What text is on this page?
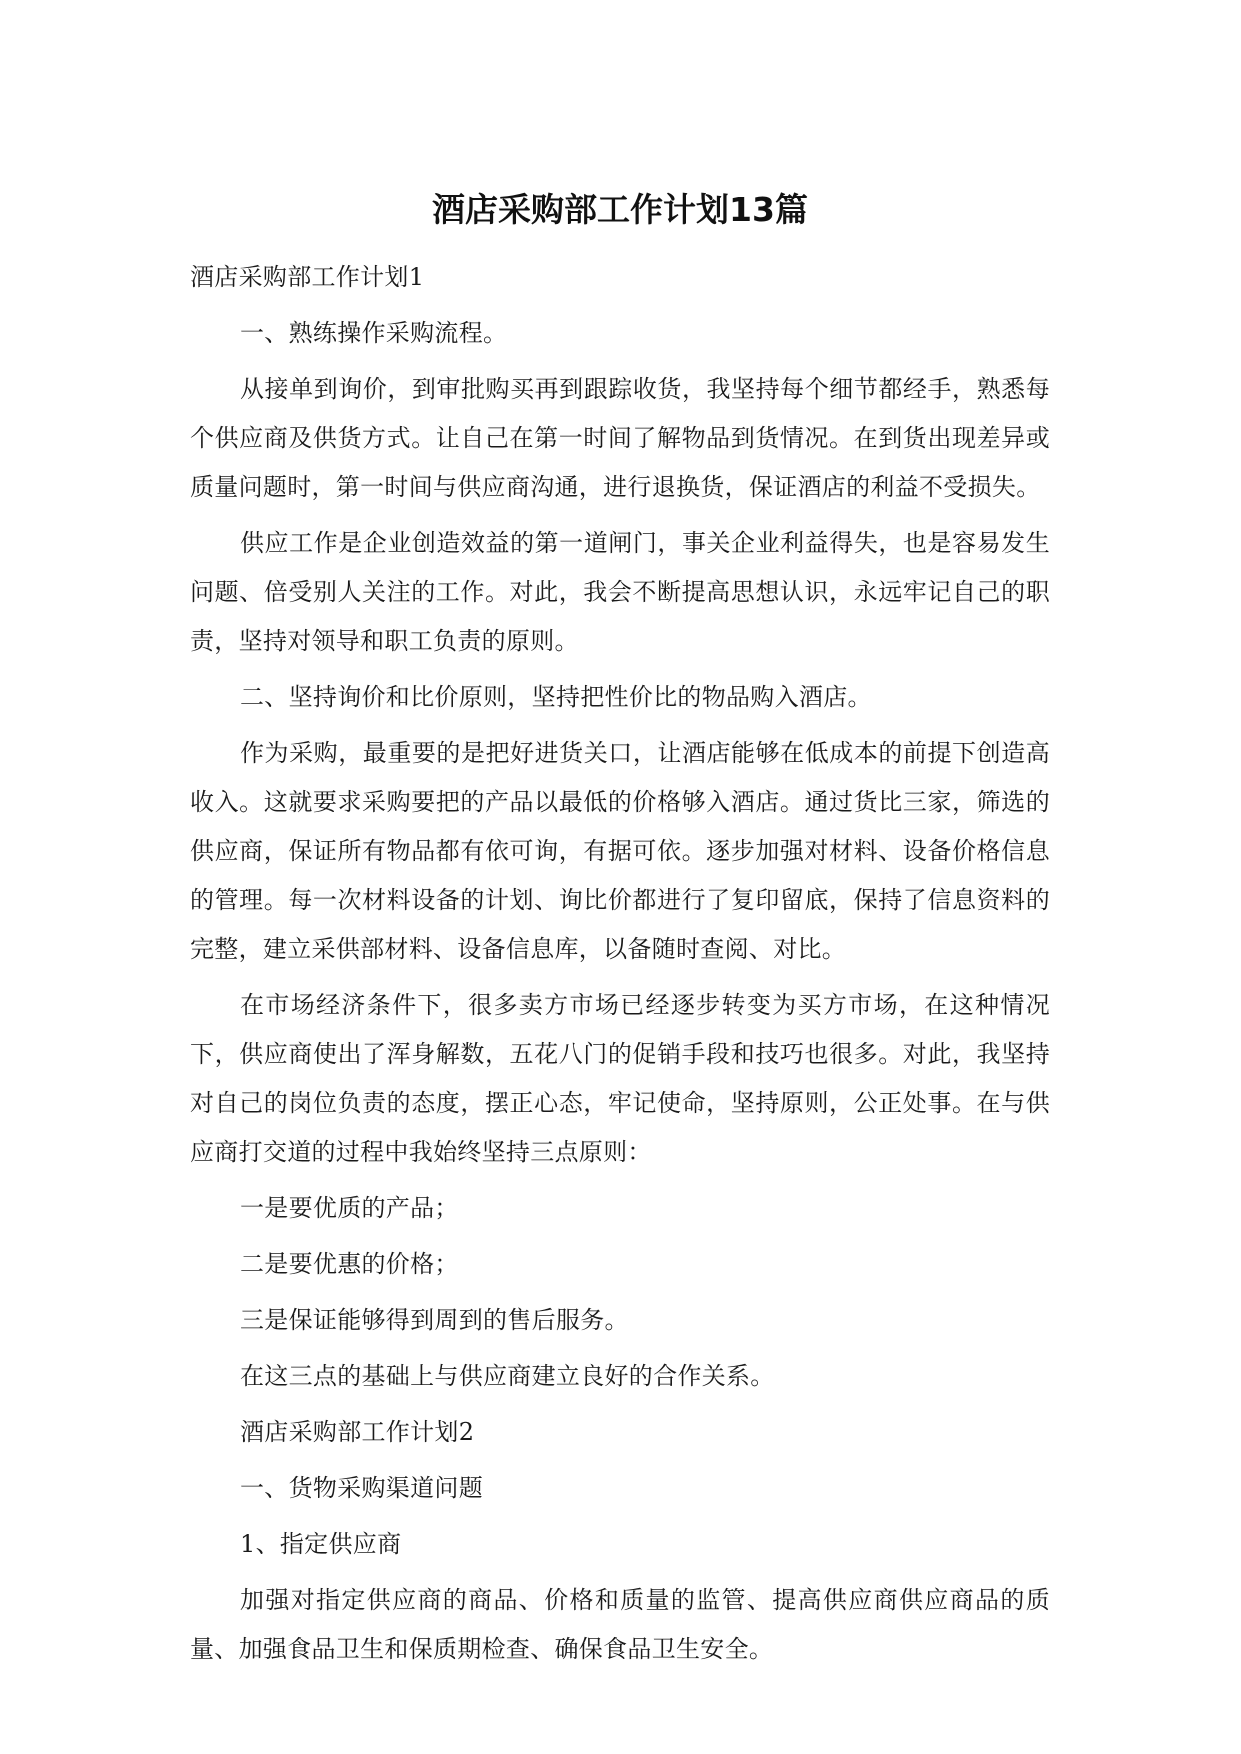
酒店采购部工作计划13篇

酒店采购部工作计划1

一、熟练操作采购流程。

从接单到询价，到审批购买再到跟踪收货，我坚持每个细节都经手，熟悉每个供应商及供货方式。让自己在第一时间了解物品到货情况。在到货出现差异或质量问题时，第一时间与供应商沟通，进行退换货，保证酒店的利益不受损失。

供应工作是企业创造效益的第一道闸门，事关企业利益得失，也是容易发生问题、倍受别人关注的工作。对此，我会不断提高思想认识，永远牢记自己的职责，坚持对领导和职工负责的原则。

二、坚持询价和比价原则，坚持把性价比的物品购入酒店。

作为采购，最重要的是把好进货关口，让酒店能够在低成本的前提下创造高收入。这就要求采购要把的产品以最低的价格够入酒店。通过货比三家，筛选的供应商，保证所有物品都有依可询，有据可依。逐步加强对材料、设备价格信息的管理。每一次材料设备的计划、询比价都进行了复印留底，保持了信息资料的完整，建立采供部材料、设备信息库，以备随时查阅、对比。

在市场经济条件下，很多卖方市场已经逐步转变为买方市场，在这种情况下，供应商使出了浑身解数，五花八门的促销手段和技巧也很多。对此，我坚持对自己的岗位负责的态度，摆正心态，牢记使命，坚持原则，公正处事。在与供应商打交道的过程中我始终坚持三点原则：

一是要优质的产品；

二是要优惠的价格；

三是保证能够得到周到的售后服务。

在这三点的基础上与供应商建立良好的合作关系。

酒店采购部工作计划2

一、货物采购渠道问题

1、指定供应商

加强对指定供应商的商品、价格和质量的监管、提高供应商供应商品的质量、加强食品卫生和保质期检查、确保食品卫生安全。
